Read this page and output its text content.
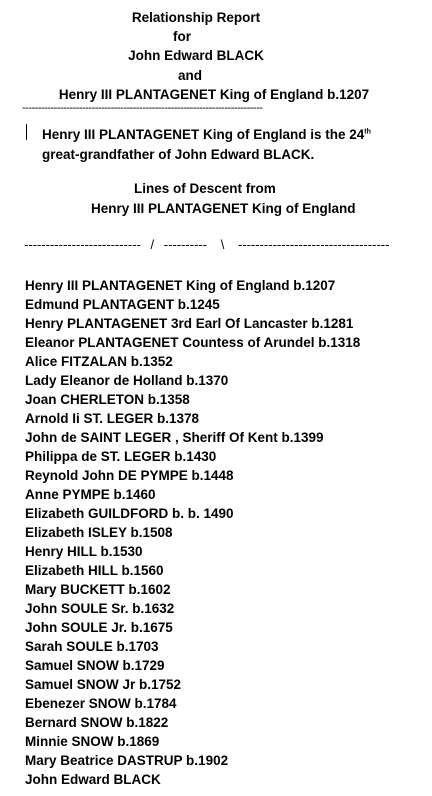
Relationship Report
for
John Edward BLACK
and
Henry III PLANTAGENET King of England b.1207
----------------------------------------------------------------------------
Henry III PLANTAGENET King of England is the 24th
great-grandfather of John Edward BLACK.
Lines of Descent from
Henry III PLANTAGENET King of England
--------------------------- / ---------- \ -----------------------------------
Henry III PLANTAGENET King of England b.1207
Edmund PLANTAGENT b.1245
Henry PLANTAGENET 3rd Earl Of Lancaster b.1281
Eleanor PLANTAGENET Countess of Arundel b.1318
Alice FITZALAN b.1352
Lady Eleanor de Holland b.1370
Joan CHERLETON b.1358
Arnold Ii ST. LEGER b.1378
John de SAINT LEGER , Sheriff Of Kent b.1399
Philippa de ST. LEGER b.1430
Reynold John DE PYMPE b.1448
Anne PYMPE b.1460
Elizabeth GUILDFORD b. b. 1490
Elizabeth ISLEY b.1508
Henry HILL b.1530
Elizabeth HILL b.1560
Mary BUCKETT b.1602
John SOULE Sr. b.1632
John SOULE Jr. b.1675
Sarah SOULE b.1703
Samuel SNOW b.1729
Samuel SNOW Jr b.1752
Ebenezer SNOW b.1784
Bernard SNOW b.1822
Minnie SNOW b.1869
Mary Beatrice DASTRUP b.1902
John Edward BLACK
